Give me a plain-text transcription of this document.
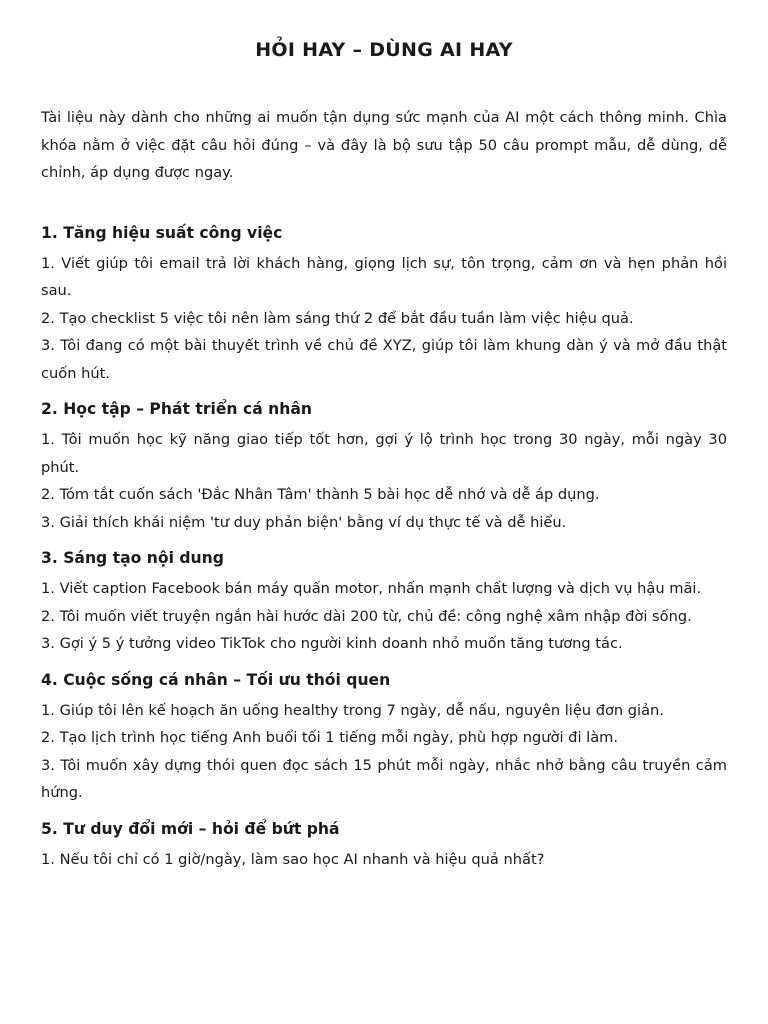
HỎI HAY – DÙNG AI HAY

Tài liệu này dành cho những ai muốn tận dụng sức mạnh của AI một cách thông minh. Chìa khóa nằm ở việc đặt câu hỏi đúng – và đây là bộ sưu tập 50 câu prompt mẫu, dễ dùng, dễ chỉnh, áp dụng được ngay.

1. Tăng hiệu suất công việc
1. Viết giúp tôi email trả lời khách hàng, giọng lịch sự, tôn trọng, cảm ơn và hẹn phản hồi sau.
2. Tạo checklist 5 việc tôi nên làm sáng thứ 2 để bắt đầu tuần làm việc hiệu quả.
3. Tôi đang có một bài thuyết trình về chủ đề XYZ, giúp tôi làm khung dàn ý và mở đầu thật cuốn hút.
2. Học tập – Phát triển cá nhân
1. Tôi muốn học kỹ năng giao tiếp tốt hơn, gợi ý lộ trình học trong 30 ngày, mỗi ngày 30 phút.
2. Tóm tắt cuốn sách 'Đắc Nhân Tâm' thành 5 bài học dễ nhớ và dễ áp dụng.
3. Giải thích khái niệm 'tư duy phản biện' bằng ví dụ thực tế và dễ hiểu.
3. Sáng tạo nội dung
1. Viết caption Facebook bán máy quấn motor, nhấn mạnh chất lượng và dịch vụ hậu mãi.
2. Tôi muốn viết truyện ngắn hài hước dài 200 từ, chủ đề: công nghệ xâm nhập đời sống.
3. Gợi ý 5 ý tưởng video TikTok cho người kinh doanh nhỏ muốn tăng tương tác.
4. Cuộc sống cá nhân – Tối ưu thói quen
1. Giúp tôi lên kế hoạch ăn uống healthy trong 7 ngày, dễ nấu, nguyên liệu đơn giản.
2. Tạo lịch trình học tiếng Anh buổi tối 1 tiếng mỗi ngày, phù hợp người đi làm.
3. Tôi muốn xây dựng thói quen đọc sách 15 phút mỗi ngày, nhắc nhở bằng câu truyền cảm hứng.
5. Tư duy đổi mới – hỏi để bứt phá
1. Nếu tôi chỉ có 1 giờ/ngày, làm sao học AI nhanh và hiệu quả nhất?
